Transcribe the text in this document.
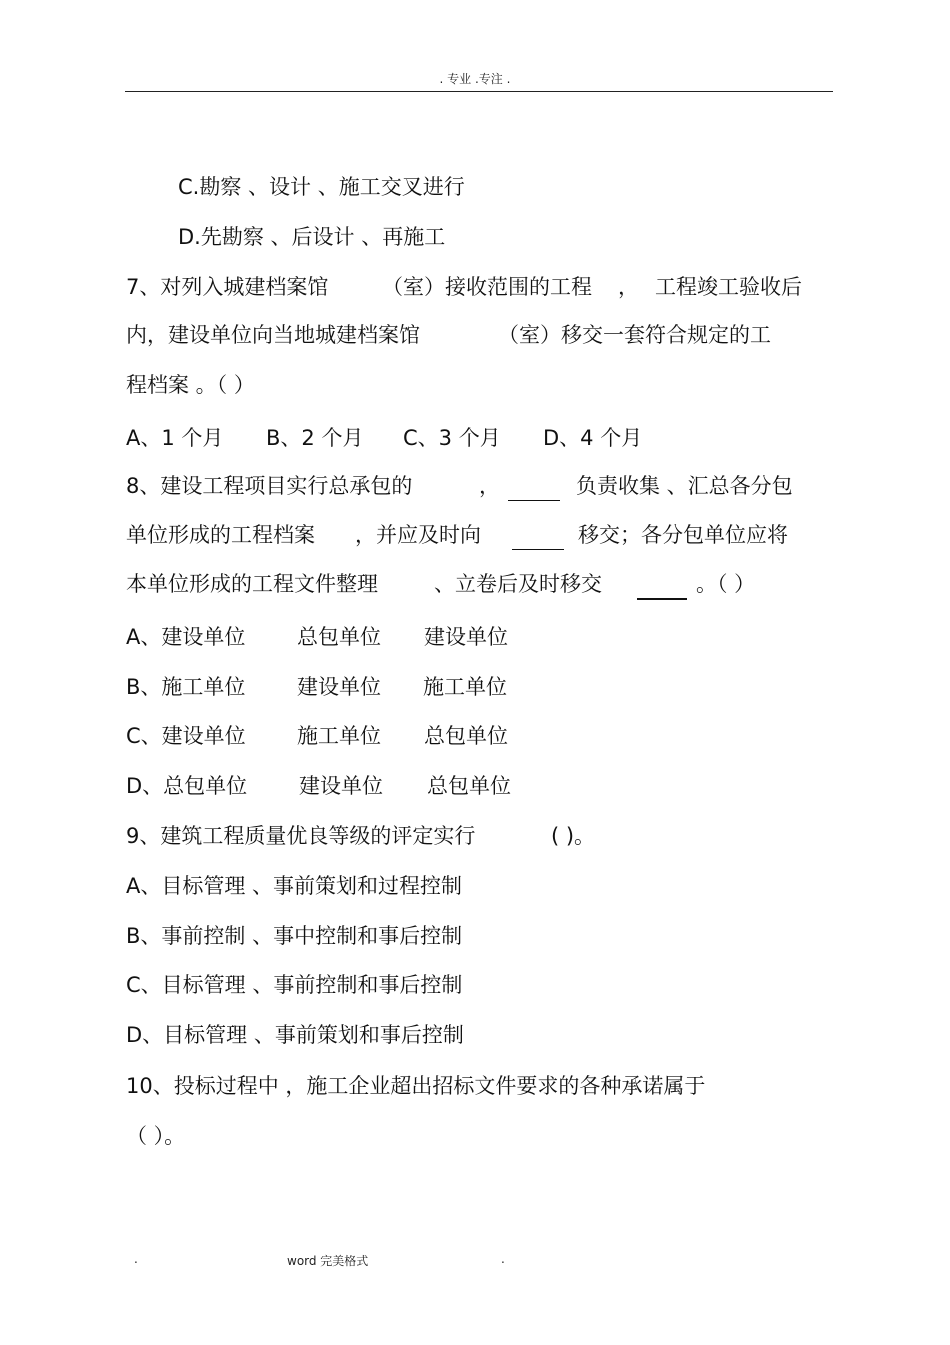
. 专业 .专注 .
C.勘察 、设计 、施工交叉进行
D.先勘察 、后设计 、再施工
7、对列入城建档案馆	（室）接收范围的工程 ， 工程竣工验收后
内，建设单位向当地城建档案馆	（室）移交一套符合规定的工
程档案 。（ ）
A、1 个月 B、2 个月 C、3 个月 D、4 个月
8、建设工程项目实行总承包的	，	负责收集 、汇总各分包
单位形成的工程档案 ，并应及时向	移交；各分包单位应将
本单位形成的工程文件整理	、立卷后及时移交	。（ ）
A、建设单位 总包单位 建设单位
B、施工单位 建设单位 施工单位
C、建设单位 施工单位 总包单位
D、总包单位 建设单位 总包单位
9、建筑工程质量优良等级的评定实行	( )。
A、目标管理 、事前策划和过程控制
B、事前控制 、事中控制和事后控制
C、目标管理 、事前控制和事后控制
D、目标管理 、事前策划和事后控制
10、投标过程中 ，施工企业超出招标文件要求的各种承诺属于
（ ）。
.	word 完美格式	.
